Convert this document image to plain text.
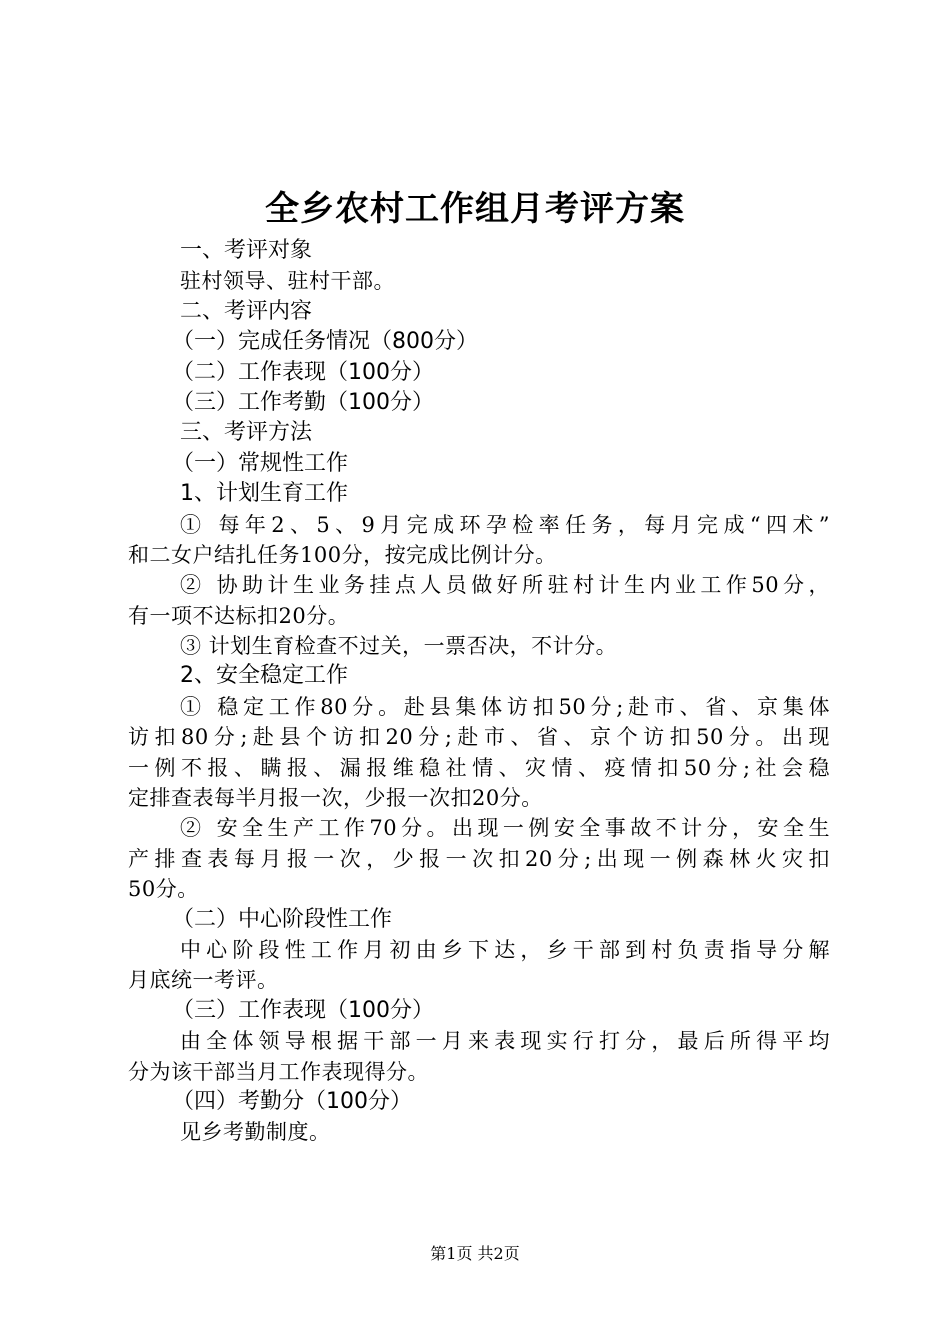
全乡农村工作组月考评方案
一、考评对象
驻村领导、驻村干部。
二、考评内容
（一）完成任务情况（800分）
（二）工作表现（100分）
（三）工作考勤（100分）
三、考评方法
（一）常规性工作
1、计划生育工作
① 每年2、5、9月完成环孕检率任务，每月完成“四术”
和二女户结扎任务100分，按完成比例计分。
② 协助计生业务挂点人员做好所驻村计生内业工作50分，
有一项不达标扣20分。
③ 计划生育检查不过关，一票否决，不计分。
2、安全稳定工作
① 稳定工作80分。赴县集体访扣50分;赴市、省、京集体
访扣80分;赴县个访扣20分;赴市、省、京个访扣50分。出现
一例不报、瞒报、漏报维稳社情、灾情、疫情扣50分;社会稳
定排查表每半月报一次，少报一次扣20分。
② 安全生产工作70分。出现一例安全事故不计分，安全生
产排查表每月报一次，少报一次扣20分;出现一例森林火灾扣
50分。
（二）中心阶段性工作
中心阶段性工作月初由乡下达，乡干部到村负责指导分解
月底统一考评。
（三）工作表现（100分）
由全体领导根据干部一月来表现实行打分，最后所得平均
分为该干部当月工作表现得分。
（四）考勤分（100分）
见乡考勤制度。
第1页 共2页
